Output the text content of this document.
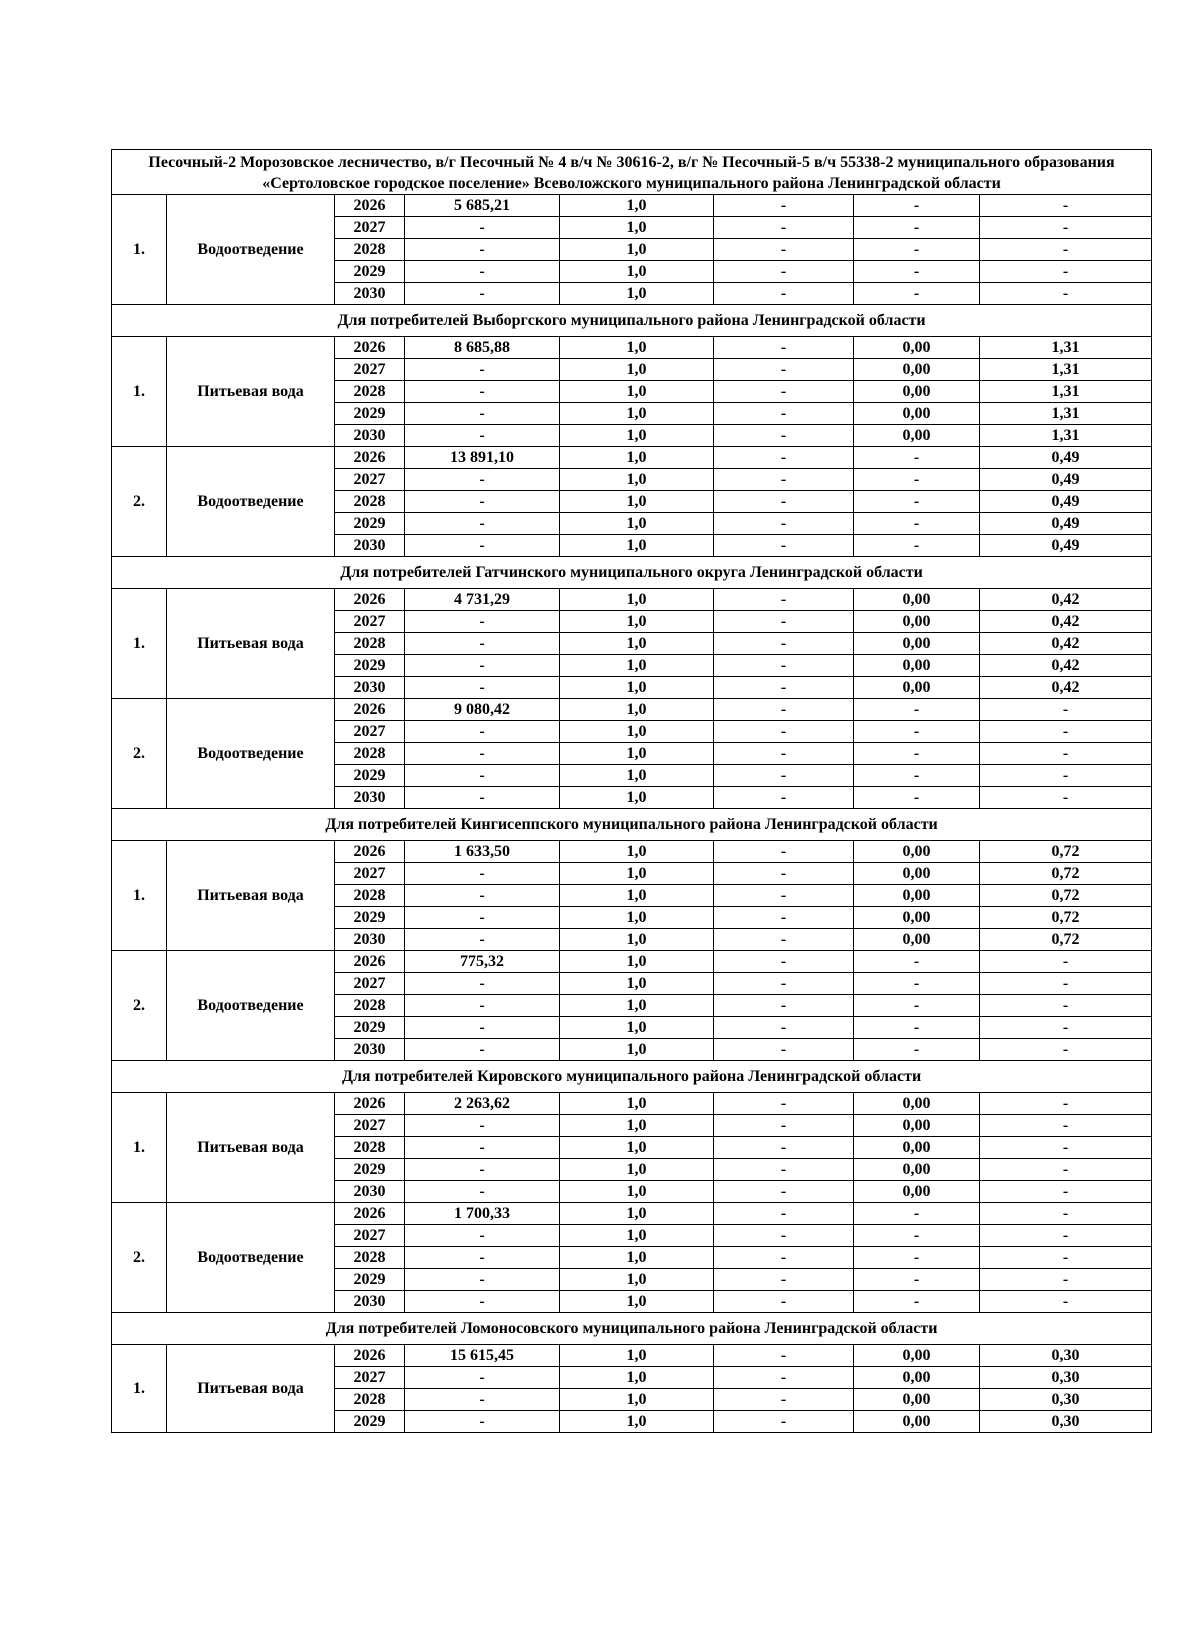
Песочный-2 Морозовское лесничество, в/г Песочный № 4 в/ч № 30616-2, в/г № Песочный-5 в/ч 55338-2 муниципального образования «Сертоловское городское поселение» Всеволожского муниципального района Ленинградской области							
1.	Водоотведение	2026	5 685,21	1,0	-	-	-
		2027	-	1,0	-	-	-
		2028	-	1,0	-	-	-
		2029	-	1,0	-	-	-
		2030	-	1,0	-	-	-
Для потребителей Выборгского муниципального района Ленинградской области							
1.	Питьевая вода	2026	8 685,88	1,0	-	0,00	1,31
		2027	-	1,0	-	0,00	1,31
		2028	-	1,0	-	0,00	1,31
		2029	-	1,0	-	0,00	1,31
		2030	-	1,0	-	0,00	1,31
2.	Водоотведение	2026	13 891,10	1,0	-	-	0,49
		2027	-	1,0	-	-	0,49
		2028	-	1,0	-	-	0,49
		2029	-	1,0	-	-	0,49
		2030	-	1,0	-	-	0,49
Для потребителей Гатчинского муниципального округа Ленинградской области							
1.	Питьевая вода	2026	4 731,29	1,0	-	0,00	0,42
		2027	-	1,0	-	0,00	0,42
		2028	-	1,0	-	0,00	0,42
		2029	-	1,0	-	0,00	0,42
		2030	-	1,0	-	0,00	0,42
2.	Водоотведение	2026	9 080,42	1,0	-	-	-
		2027	-	1,0	-	-	-
		2028	-	1,0	-	-	-
		2029	-	1,0	-	-	-
		2030	-	1,0	-	-	-
Для потребителей Кингисеппского муниципального района Ленинградской области							
1.	Питьевая вода	2026	1 633,50	1,0	-	0,00	0,72
		2027	-	1,0	-	0,00	0,72
		2028	-	1,0	-	0,00	0,72
		2029	-	1,0	-	0,00	0,72
		2030	-	1,0	-	0,00	0,72
2.	Водоотведение	2026	775,32	1,0	-	-	-
		2027	-	1,0	-	-	-
		2028	-	1,0	-	-	-
		2029	-	1,0	-	-	-
		2030	-	1,0	-	-	-
Для потребителей Кировского муниципального района Ленинградской области							
1.	Питьевая вода	2026	2 263,62	1,0	-	0,00	-
		2027	-	1,0	-	0,00	-
		2028	-	1,0	-	0,00	-
		2029	-	1,0	-	0,00	-
		2030	-	1,0	-	0,00	-
2.	Водоотведение	2026	1 700,33	1,0	-	-	-
		2027	-	1,0	-	-	-
		2028	-	1,0	-	-	-
		2029	-	1,0	-	-	-
		2030	-	1,0	-	-	-
Для потребителей Ломоносовского муниципального района Ленинградской области							
1.	Питьевая вода	2026	15 615,45	1,0	-	0,00	0,30
		2027	-	1,0	-	0,00	0,30
		2028	-	1,0	-	0,00	0,30
		2029	-	1,0	-	0,00	0,30
